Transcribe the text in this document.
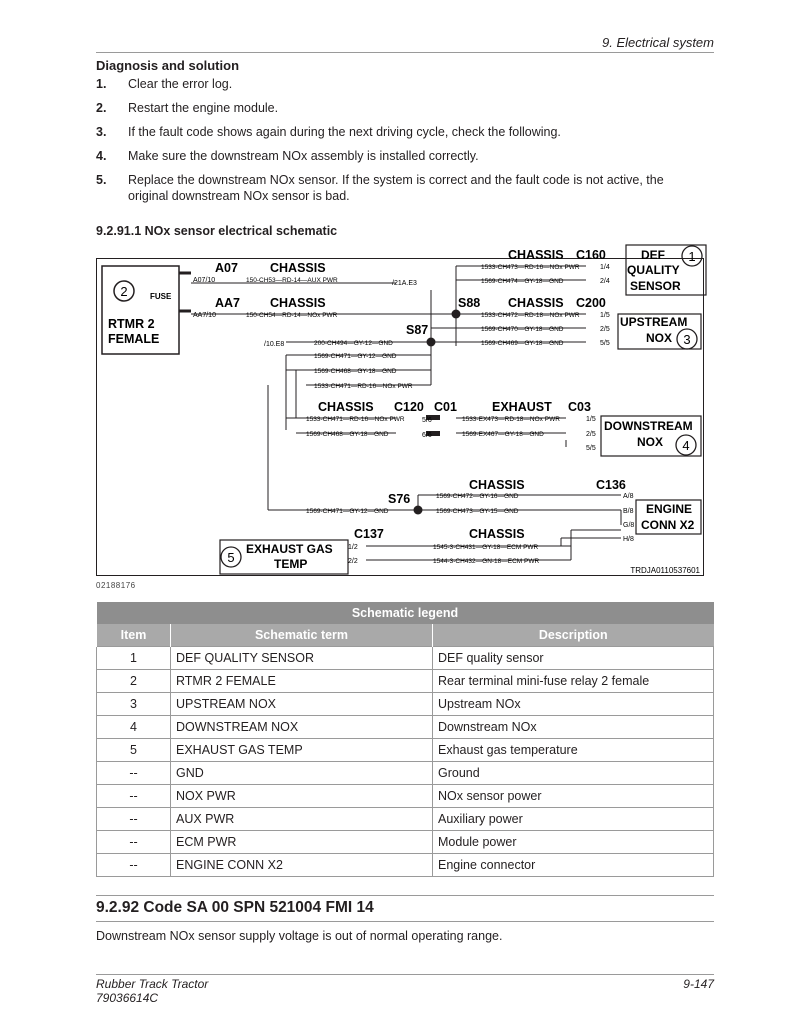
9. Electrical system
Diagnosis and solution
1. Clear the error log.
2. Restart the engine module.
3. If the fault code shows again during the next driving cycle, check the following.
4. Make sure the downstream NOx assembly is installed correctly.
5. Replace the downstream NOx sensor. If the system is correct and the fault code is not active, the original downstream NOx sensor is bad.
9.2.91.1 NOx sensor electrical schematic
2	FUSE
RTMR 2
FEMALE
DEF
QUALITY
SENSOR
1
UPSTREAM
NOX 3
DOWNSTREAM
NOX 4
ENGINE
CONN X2
EXHAUST GAS
TEMP
5
A07	CHASSIS
AA7 CHASSIS
CHASSIS C160
S88 CHASSIS C200
S87
CHASSIS C120 C01	EXHAUST C03
CHASSIS	C136
S76
C137	CHASSIS
A07/10
AA7/10
/21A.E3
/10.E8
1/4
2/4
1/5
2/5
5/5
5/6
6/6
1/5
2/5
5/5
A/8
B/8
G/8
H/8
1/2
2/2
150-CH53—RD-14—AUX PWR
150-CH54—RD-14—NOx PWR
1533-CH473—RD-16—NOx PWR
1569-CH474—GY-18—GND
1533-CH472—RD-18—NOx PWR
1569-CH470—GY-18—GND
1569-CH469—GY-18—GND
200-CH494—GY-12—GND
1569-CH471—GY-12—GND
1569-CH468—GY-18—GND
1533-CH471—RD-16—NOx PWR
1533-CH471—RD-16—NOx PWR
1569-CH468—GY-18—GND
1533-EX473—RD-18—NOx PWR
1569-EX467—GY-18—GND
1569-CH472—GY-16—GND
1569-CH473—GY-15—GND
1569-CH471—GY-12—GND
1545-3-CH431—GY-18—ECM PWR
1544-3-CH432—GN-18—ECM PWR
TRDJA0110537601
02188176
Schematic legend		
Item	Schematic term	Description
1	DEF QUALITY SENSOR	DEF quality sensor
2	RTMR 2 FEMALE	Rear terminal mini-fuse relay 2 female
3	UPSTREAM NOX	Upstream NOx
4	DOWNSTREAM NOX	Downstream NOx
5	EXHAUST GAS TEMP	Exhaust gas temperature
--	GND	Ground
--	NOX PWR	NOx sensor power
--	AUX PWR	Auxiliary power
--	ECM PWR	Module power
--	ENGINE CONN X2	Engine connector
9.2.92 Code SA 00 SPN 521004 FMI 14
Downstream NOx sensor supply voltage is out of normal operating range.
Rubber Track Tractor
79036614C
9-147
